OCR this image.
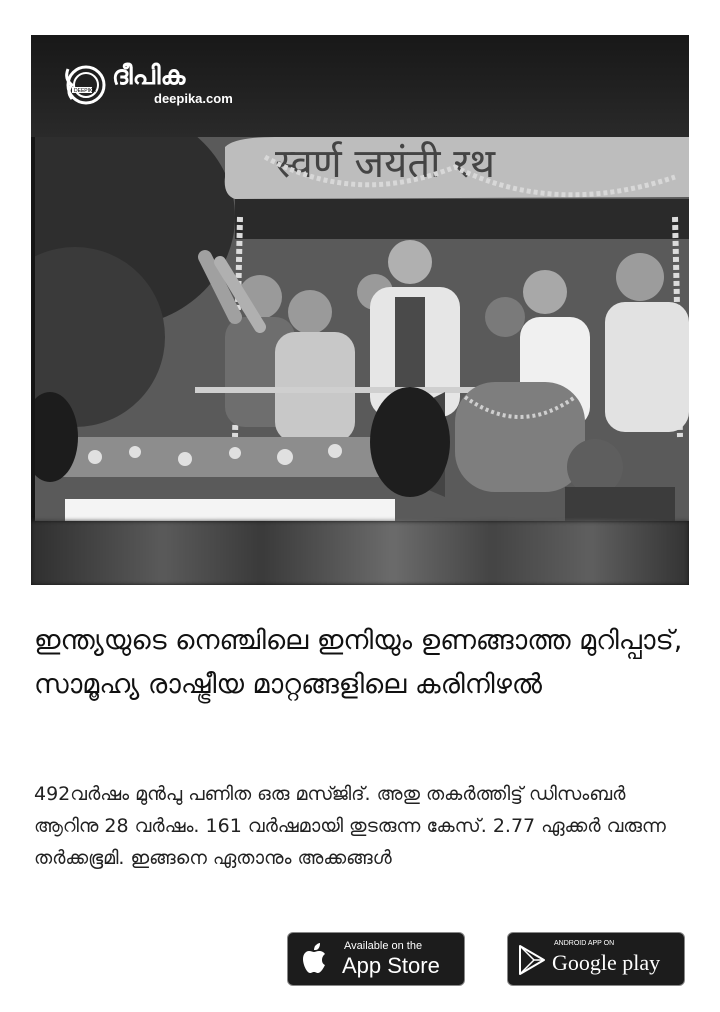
स्वर्ण जयंती रथ
DEEPIKA ദീപിക
deepika.com
ഇന്ത്യയുടെ നെഞ്ചിലെ ഇനിയും ഉണങ്ങാത്ത മുറിപ്പാട്, സാമൂഹ്യ രാഷ്ട്രീയ മാറ്റങ്ങളിലെ കരിനിഴൽ

492വർഷം മുൻപു പണിത ഒരു മസ്ജിദ്. അതു തകർത്തിട്ട് ഡിസംബർ ആറിനു 28 വർഷം. 161 വർഷമായി തുടരുന്ന കേസ്. 2.77 ഏക്കർ വരുന്ന തർക്കഭൂമി. ഇങ്ങനെ ഏതാനും അക്കങ്ങൾ

Available on the
App Store
ANDROID APP ON
Google play
